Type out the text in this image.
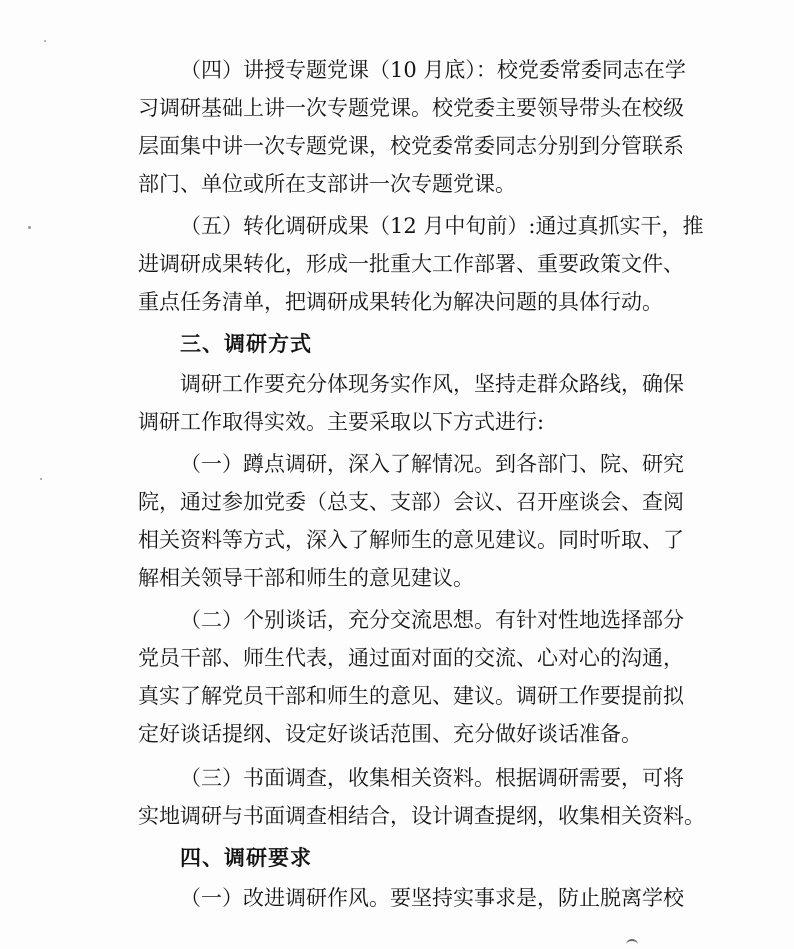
（四）讲授专题党课（10 月底）：校党委常委同志在学
习调研基础上讲一次专题党课。校党委主要领导带头在校级
层面集中讲一次专题党课，校党委常委同志分别到分管联系
部门、单位或所在支部讲一次专题党课。
（五）转化调研成果（12 月中旬前）:通过真抓实干，推
进调研成果转化，形成一批重大工作部署、重要政策文件、
重点任务清单，把调研成果转化为解决问题的具体行动。
三、调研方式
调研工作要充分体现务实作风，坚持走群众路线，确保
调研工作取得实效。主要采取以下方式进行:
（一）蹲点调研，深入了解情况。到各部门、院、研究
院，通过参加党委（总支、支部）会议、召开座谈会、查阅
相关资料等方式，深入了解师生的意见建议。同时听取、了
解相关领导干部和师生的意见建议。
（二）个别谈话，充分交流思想。有针对性地选择部分
党员干部、师生代表，通过面对面的交流、心对心的沟通，
真实了解党员干部和师生的意见、建议。调研工作要提前拟
定好谈话提纲、设定好谈话范围、充分做好谈话准备。
（三）书面调查，收集相关资料。根据调研需要，可将
实地调研与书面调查相结合，设计调查提纲，收集相关资料。
四、调研要求
（一）改进调研作风。要坚持实事求是，防止脱离学校
